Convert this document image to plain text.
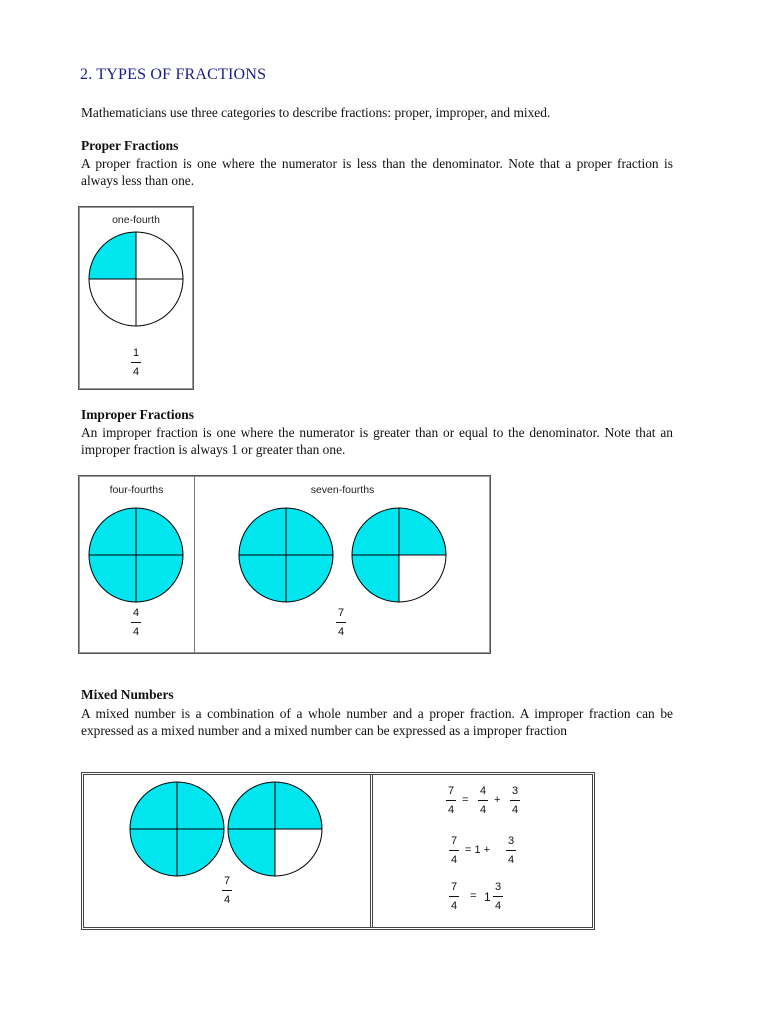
2. TYPES OF FRACTIONS
Mathematicians use three categories to describe fractions: proper, improper, and mixed.
Proper Fractions
A proper fraction is one where the numerator is less than the denominator. Note that a proper fraction is always less than one.
one-fourth
1
4
Improper Fractions
An improper fraction is one where the numerator is greater than or equal to the denominator. Note that an improper fraction is always 1 or greater than one.
four-fourths	seven-fourths
4
4
7
4
Mixed Numbers
A mixed number is a combination of a whole number and a proper fraction. A improper fraction can be expressed as a mixed number and a mixed number can be expressed as a improper fraction
7
4
7
4
=
4
4
+
3
4
7
4
= 1 +
3
4
7
4
= 1
3
4
